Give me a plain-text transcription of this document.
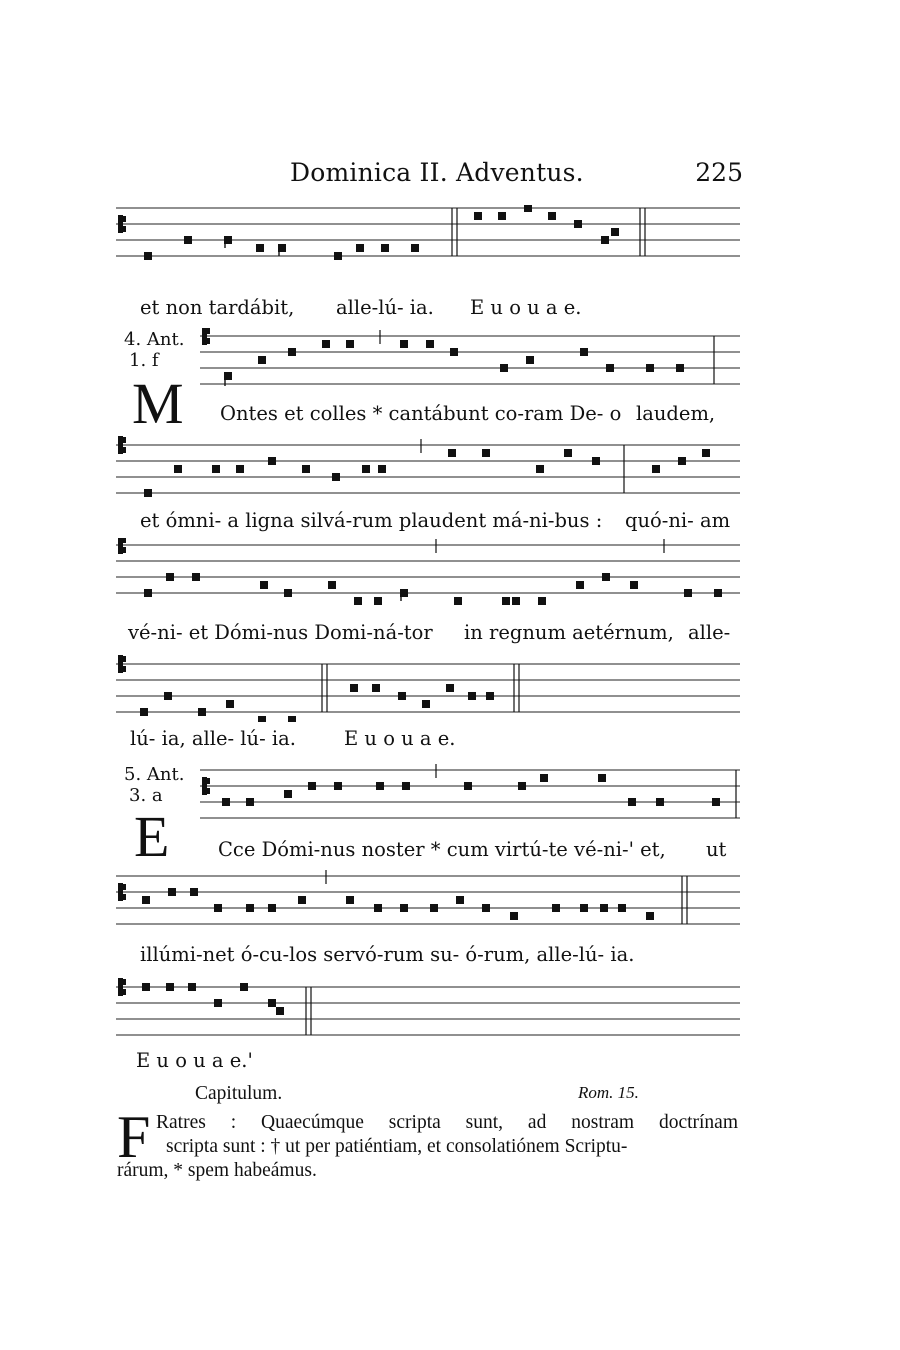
Dominica II. Adventus.	225
et non tardábit, alle-lú- ia. E u o u a e.
4. Ant.
1. f
M Ontes et colles * cantábunt co-ram De- o laudem,
et ómni- a ligna silvá-rum plaudent má-ni-bus : quó-ni- am
vé-ni- et Dómi-nus Domi-ná-tor in regnum aetérnum, alle-
lú- ia, alle- lú- ia. E u o u a e.
5. Ant.
3. a
E Cce Dómi-nus noster * cum virtú-te vé-ni-' et, ut
illúmi-net ó-cu-los servó-rum su- ó-rum, alle-lú- ia.
E u o u a e.'
Capitulum.	Rom. 15.
F Ratres : Quaecúmque scripta sunt, ad nostram doctrínam
scripta sunt : † ut per patiéntiam, et consolatiónem Scriptu-
rárum, * spem habeámus.
